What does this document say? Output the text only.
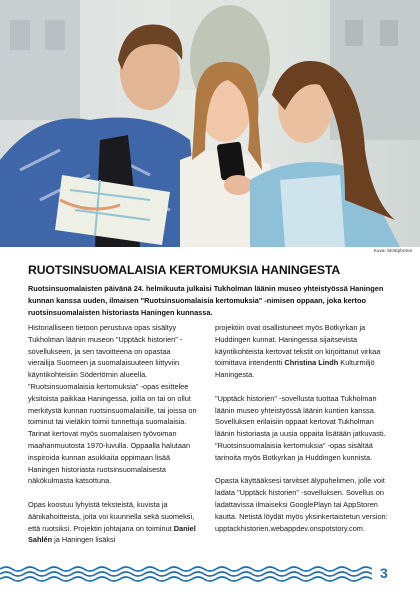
Kuva: Mostphotos
RUOTSINSUOMALAISIA KERTOMUKSIA HANINGESTA

Ruotsinsuomalaisten päivänä 24. helmikuuta julkaisi Tukholman läänin museo yhteistyössä Haningen kunnan kanssa uuden, ilmaisen "Ruotsinsuomalaisia kertomuksia" -nimisen oppaan, joka kertoo ruotsinsuomalaisten historiasta Haningen kunnassa.

Historialliseen tietoon perustuva opas sisältyy Tukholman läänin museon "Upptäck historien" -sovellukseen, ja sen tavoitteena on opastaa vierailija Suomeen ja suomalaisuuteen liittyviin käyntikohteisiin Södertörnin alueella. "Ruotsinsuomalaisia kertomuksia" -opas esittelee yksitoista paikkaa Haningessa, joilla on tai on ollut merkitystä kunnan ruotsinsuomalaisille, tai joissa on toiminut tai vieläkin toimii tunnettuja suomalaisia. Tarinat kertovat myös suomalaisen työvoiman maahanmuutosta 1970-luvulla. Oppaalla halutaan inspiroida kunnan asukkaita oppimaan lisää Haningen historiasta ruotsinsuomalaisesta näkökulmasta katsottuna.

Opas koostuu lyhyistä teksteistä, kuvista ja äänikahoitteista, joita voi kuunnella sekä suomeksi, että ruotsiksi. Projektin johtajana on toiminut Daniel Sahlén ja Haningen lisäksi

projektiin ovat osallistuneet myös Botkyrkan ja Huddingen kunnat. Haningessa sijaitsevista käyntikohteista kertovat tekstit on kirjoittanut virkaa toimittava intendentti Christina Lindh Kulturmiljö Haningesta.

"Upptäck historien" -sovellusta tuottaa Tukholman läänin museo yhteistyössä läänin kuntien kanssa. Sovelluksen erilaisiin oppaat kertovat Tukholman läänin historiasta ja uusia oppaita lisätään jatkuvasti. "Ruotsinsuomalaisia kertomuksia" -opas sisältää tarinoita myös Botkyrkan ja Huddingen kunnista.

Opasta käyttääksesi tarvitset älypuhelimen, jolle voit ladata "Upptäck historien" -sovelluksen. Sovellus on ladattavissa ilmaiseksi GooglePlayn tai AppStoren kautta. Netistä löydät myös yksinkertaistetun version: upptackhistorien.webappdev.onspotstory.com.

3
